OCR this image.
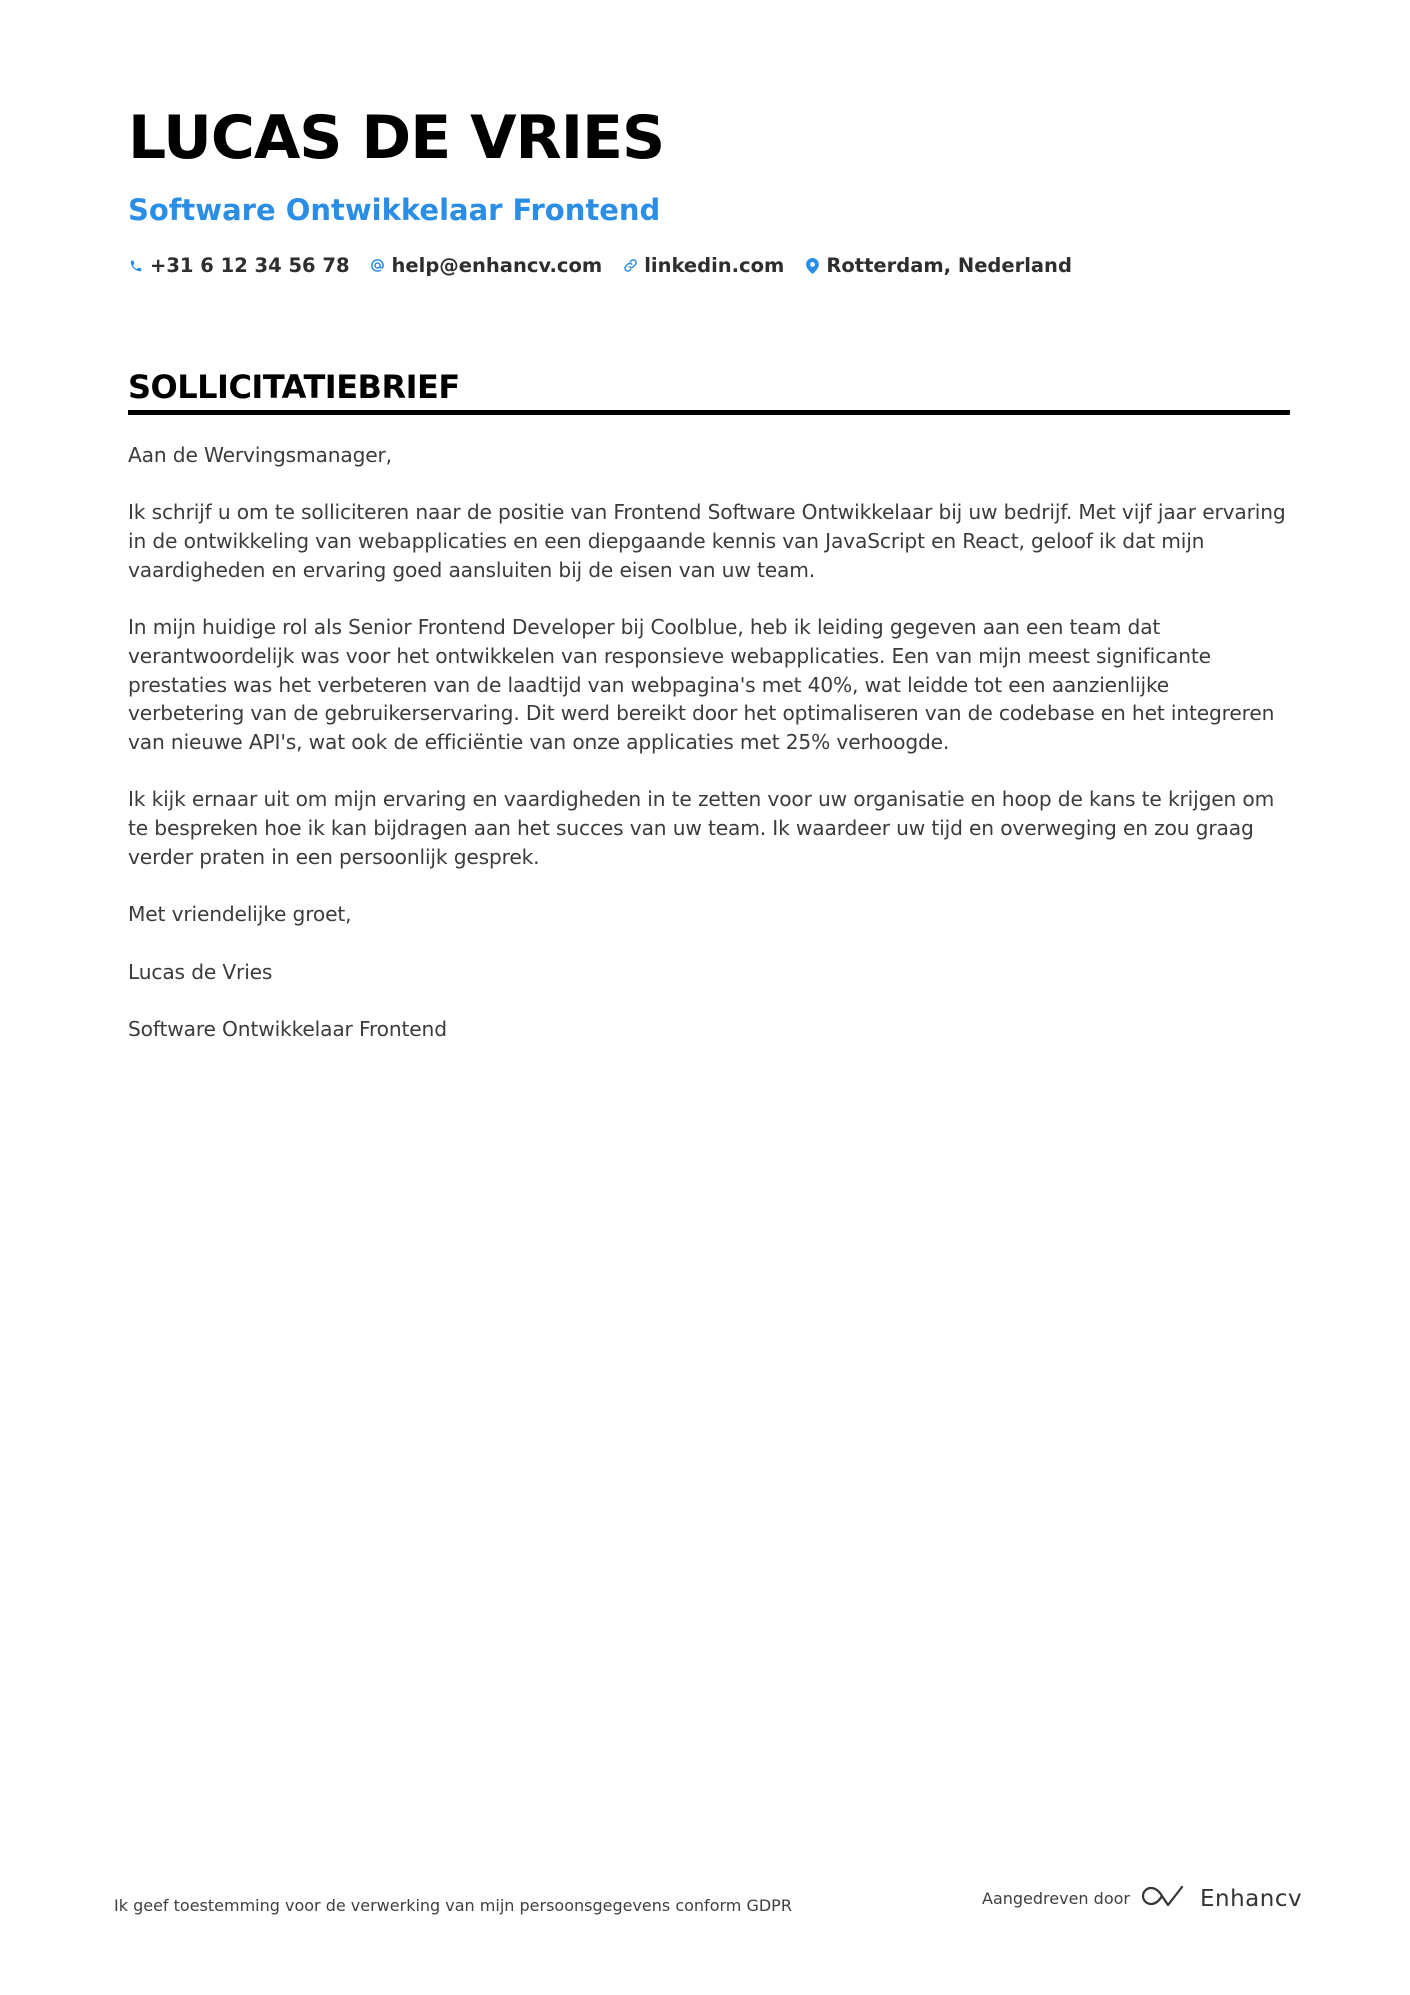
LUCAS DE VRIES
Software Ontwikkelaar Frontend
+31 6 12 34 56 78 help@enhancv.com linkedin.com Rotterdam, Nederland
SOLLICITATIEBRIEF

Aan de Wervingsmanager,

Ik schrijf u om te solliciteren naar de positie van Frontend Software Ontwikkelaar bij uw bedrijf. Met vijf jaar ervaring in de ontwikkeling van webapplicaties en een diepgaande kennis van JavaScript en React, geloof ik dat mijn vaardigheden en ervaring goed aansluiten bij de eisen van uw team.

In mijn huidige rol als Senior Frontend Developer bij Coolblue, heb ik leiding gegeven aan een team dat verantwoordelijk was voor het ontwikkelen van responsieve webapplicaties. Een van mijn meest significante prestaties was het verbeteren van de laadtijd van webpagina's met 40%, wat leidde tot een aanzienlijke verbetering van de gebruikerservaring. Dit werd bereikt door het optimaliseren van de codebase en het integreren van nieuwe API's, wat ook de efficiëntie van onze applicaties met 25% verhoogde.

Ik kijk ernaar uit om mijn ervaring en vaardigheden in te zetten voor uw organisatie en hoop de kans te krijgen om te bespreken hoe ik kan bijdragen aan het succes van uw team. Ik waardeer uw tijd en overweging en zou graag verder praten in een persoonlijk gesprek.

Met vriendelijke groet,

Lucas de Vries

Software Ontwikkelaar Frontend

Ik geef toestemming voor de verwerking van mijn persoonsgegevens conform GDPR	Aangedreven door	Enhancv
